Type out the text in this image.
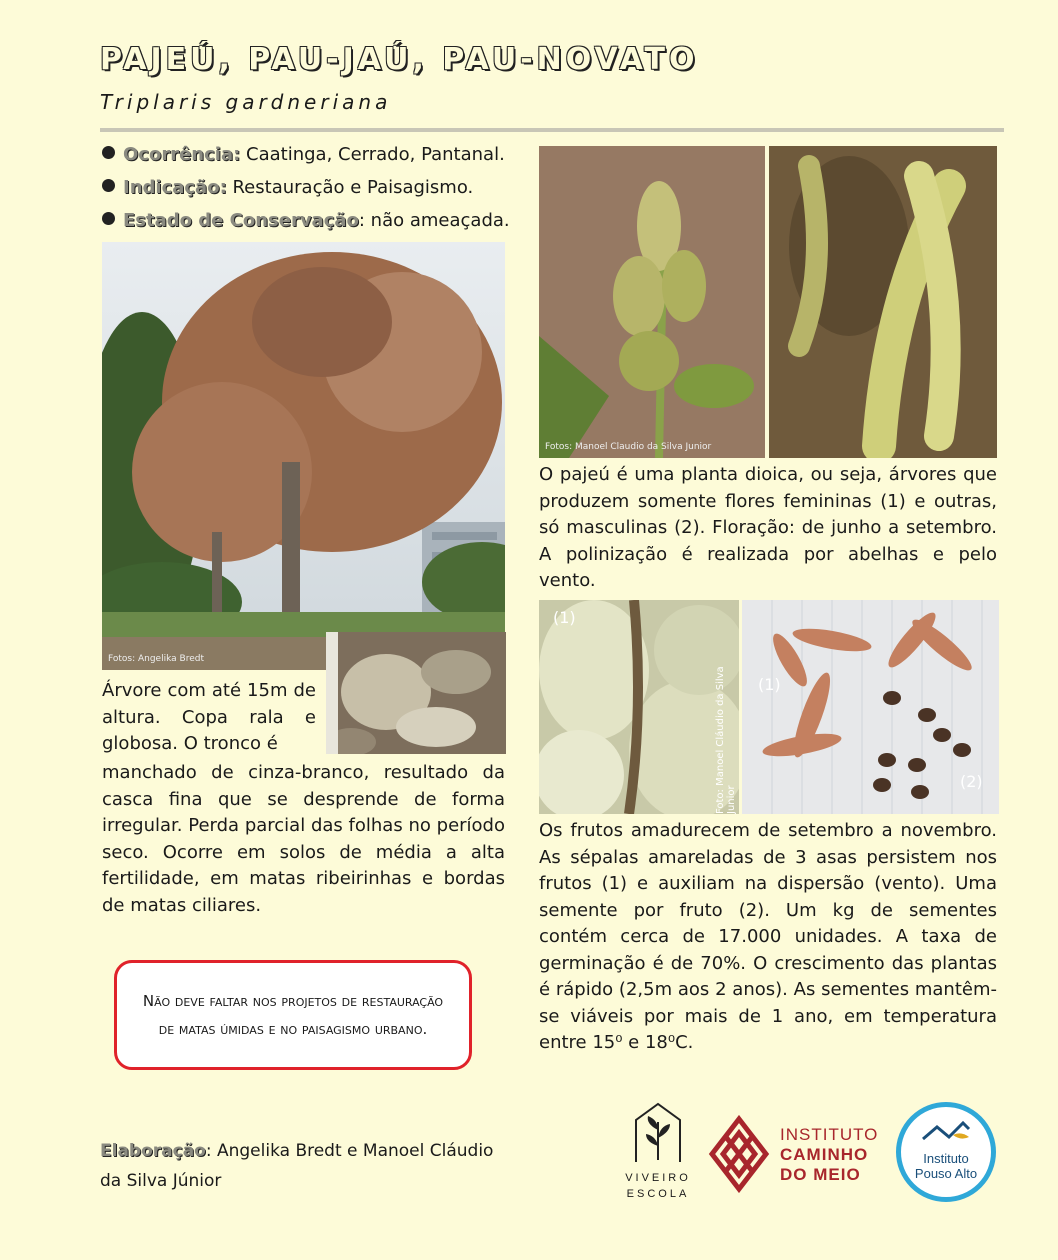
PAJEÚ, PAU-JAÚ, PAU-NOVATO
Triplaris gardneriana
Ocorrência: Caatinga, Cerrado, Pantanal.
Indicação: Restauração e Paisagismo.
Estado de Conservação: não ameaçada.
Fotos: Angelika Bredt
Árvore com até 15m de altura. Copa rala e globosa. O tronco é
manchado de cinza-branco, resultado da casca fina que se desprende de forma irregular. Perda parcial das folhas no período seco. Ocorre em solos de média a alta fertilidade, em matas ribeirinhas e bordas de matas ciliares.
Fotos: Manoel Claudio da Silva Junior
O pajeú é uma planta dioica, ou seja, árvores que produzem somente flores femininas (1) e outras, só masculinas (2). Floração: de junho a setembro. A polinização é realizada por abelhas e pelo vento.
(1)
Foto: Manoel Cláudio da Silva Junior
(1)
(2)
Os frutos amadurecem de setembro a novembro. As sépalas amareladas de 3 asas persistem nos frutos (1) e auxiliam na dispersão (vento). Uma semente por fruto (2). Um kg de sementes contém cerca de 17.000 unidades. A taxa de germinação é de 70%. O crescimento das plantas é rápido (2,5m aos 2 anos). As sementes mantêm-se viáveis por mais de 1 ano, em temperatura entre 15⁰ e 18⁰C.
Não deve faltar nos projetos de restauração de matas úmidas e no paisagismo urbano.
Elaboração: Angelika Bredt e Manoel Cláudio da Silva Júnior	VIVEIRO
ESCOLA
INSTITUTO
CAMINHO
DO MEIO
Instituto
Pouso Alto
